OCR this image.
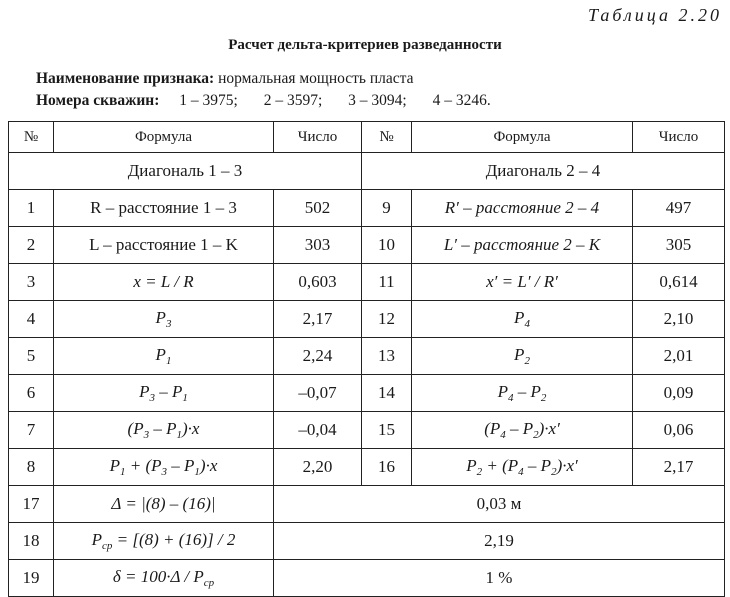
Таблица 2.20
Расчет дельта-критериев разведанности
Наименование признака: нормальная мощность пласта
Номера скважин: 1 – 3975; 2 – 3597; 3 – 3094; 4 – 3246.
№	Формула	Число	№	Формула	Число
Диагональ 1 – 3			Диагональ 2 – 4		
1	R – расстояние 1 – 3	502	9	R′ – расстояние 2 – 4	497
2	L – расстояние 1 – K	303	10	L′ – расстояние 2 – K	305
3	x = L / R	0,603	11	x′ = L′ / R′	0,614
4	$P_3$	2,17	12	$P_4$	2,10
5	$P_1$	2,24	13	$P_2$	2,01
6	$P_3 - P_1$	–0,07	14	$P_4 - P_2$	0,09
7	$(P_3 - P_1)\cdot x$	–0,04	15	$(P_4 - P_2)\cdot x'$	0,06
8	$P_1 + (P_3 - P_1)\cdot x$	2,20	16	$P_2 + (P_4 - P_2)\cdot x'$	2,17
17	Δ = |(8) – (16)|	0,03 м			
18	$P_{ср} = [(8) + (16)] / 2$	2,19			
19	$\delta = 100\cdot\Delta / P_{ср}$	1 %			
